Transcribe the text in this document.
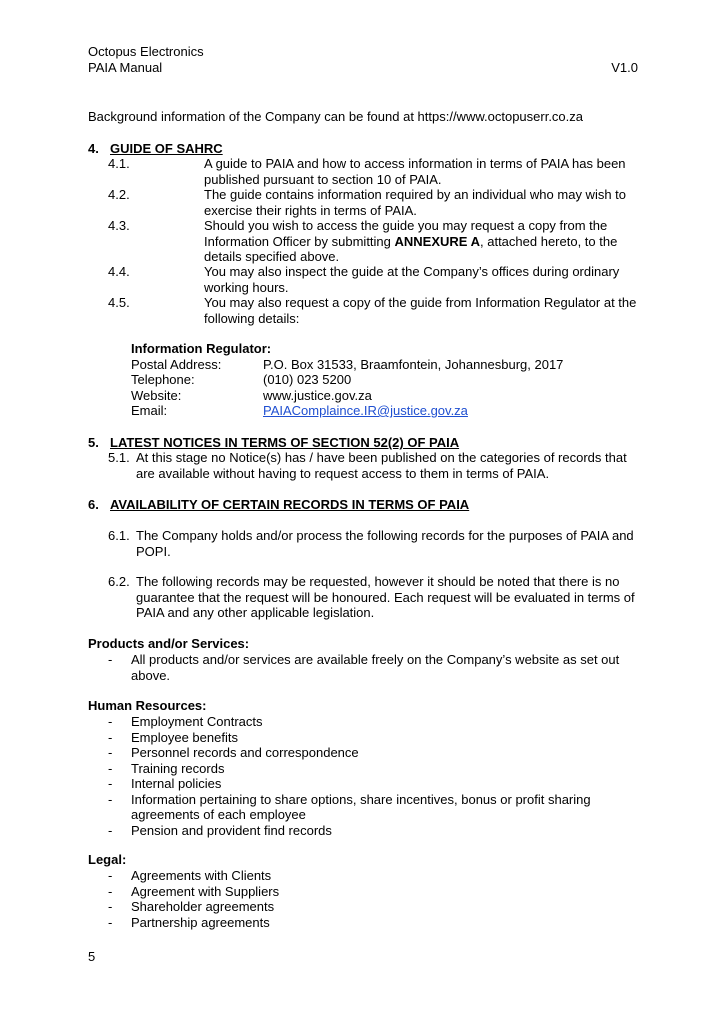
Octopus Electronics
PAIA Manual	V1.0
Background information of the Company can be found at https://www.octopuserr.co.za
4. GUIDE OF SAHRC
4.1.	A guide to PAIA and how to access information in terms of PAIA has been published pursuant to section 10 of PAIA.
4.2.	The guide contains information required by an individual who may wish to exercise their rights in terms of PAIA.
4.3.	Should you wish to access the guide you may request a copy from the Information Officer by submitting ANNEXURE A, attached hereto, to the details specified above.
4.4.	You may also inspect the guide at the Company’s offices during ordinary working hours.
4.5.	You may also request a copy of the guide from Information Regulator at the following details:
Information Regulator:
Postal Address:	P.O. Box 31533, Braamfontein, Johannesburg, 2017
Telephone:	(010) 023 5200
Website:	www.justice.gov.za
Email:	PAIAComplaince.IR@justice.gov.za
5. LATEST NOTICES IN TERMS OF SECTION 52(2) OF PAIA
5.1. At this stage no Notice(s) has / have been published on the categories of records that are available without having to request access to them in terms of PAIA.
6. AVAILABILITY OF CERTAIN RECORDS IN TERMS OF PAIA
6.1. The Company holds and/or process the following records for the purposes of PAIA and POPI.
6.2. The following records may be requested, however it should be noted that there is no guarantee that the request will be honoured. Each request will be evaluated in terms of PAIA and any other applicable legislation.
Products and/or Services:
-	All products and/or services are available freely on the Company’s website as set out above.
Human Resources:
-	Employment Contracts
-	Employee benefits
-	Personnel records and correspondence
-	Training records
-	Internal policies
-	Information pertaining to share options, share incentives, bonus or profit sharing agreements of each employee
-	Pension and provident find records
Legal:
-	Agreements with Clients
-	Agreement with Suppliers
-	Shareholder agreements
-	Partnership agreements
5
